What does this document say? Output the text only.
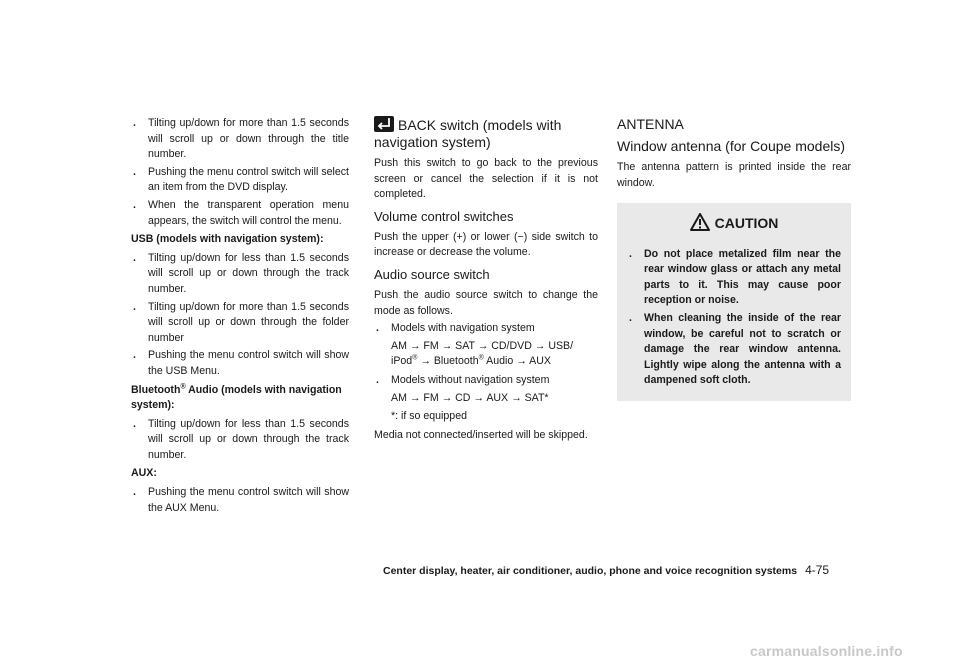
. Tilting up/down for more than 1.5 seconds will scroll up or down through the title number.
. Pushing the menu control switch will select an item from the DVD display.
. When the transparent operation menu appears, the switch will control the menu.
USB (models with navigation system):
. Tilting up/down for less than 1.5 seconds will scroll up or down through the track number.
. Tilting up/down for more than 1.5 seconds will scroll up or down through the folder number
. Pushing the menu control switch will show the USB Menu.
Bluetooth® Audio (models with navigation system):
. Tilting up/down for less than 1.5 seconds will scroll up or down through the track number.
AUX:
. Pushing the menu control switch will show the AUX Menu.
BACK switch (models with navigation system)

Push this switch to go back to the previous screen or cancel the selection if it is not completed.

Volume control switches

Push the upper (+) or lower (−) side switch to increase or decrease the volume.

Audio source switch

Push the audio source switch to change the mode as follows.

. Models with navigation system
AM → FM → SAT → CD/DVD → USB/ iPod® → Bluetooth® Audio → AUX
. Models without navigation system
AM → FM → CD → AUX → SAT*
*: if so equipped

Media not connected/inserted will be skipped.

ANTENNA
Window antenna (for Coupe models)

The antenna pattern is printed inside the rear window.

CAUTION
. Do not place metalized film near the rear window glass or attach any metal parts to it. This may cause poor reception or noise.
. When cleaning the inside of the rear window, be careful not to scratch or damage the rear window antenna. Lightly wipe along the antenna with a dampened soft cloth.
Center display, heater, air conditioner, audio, phone and voice recognition systems 4-75
carmanualsonline.info
